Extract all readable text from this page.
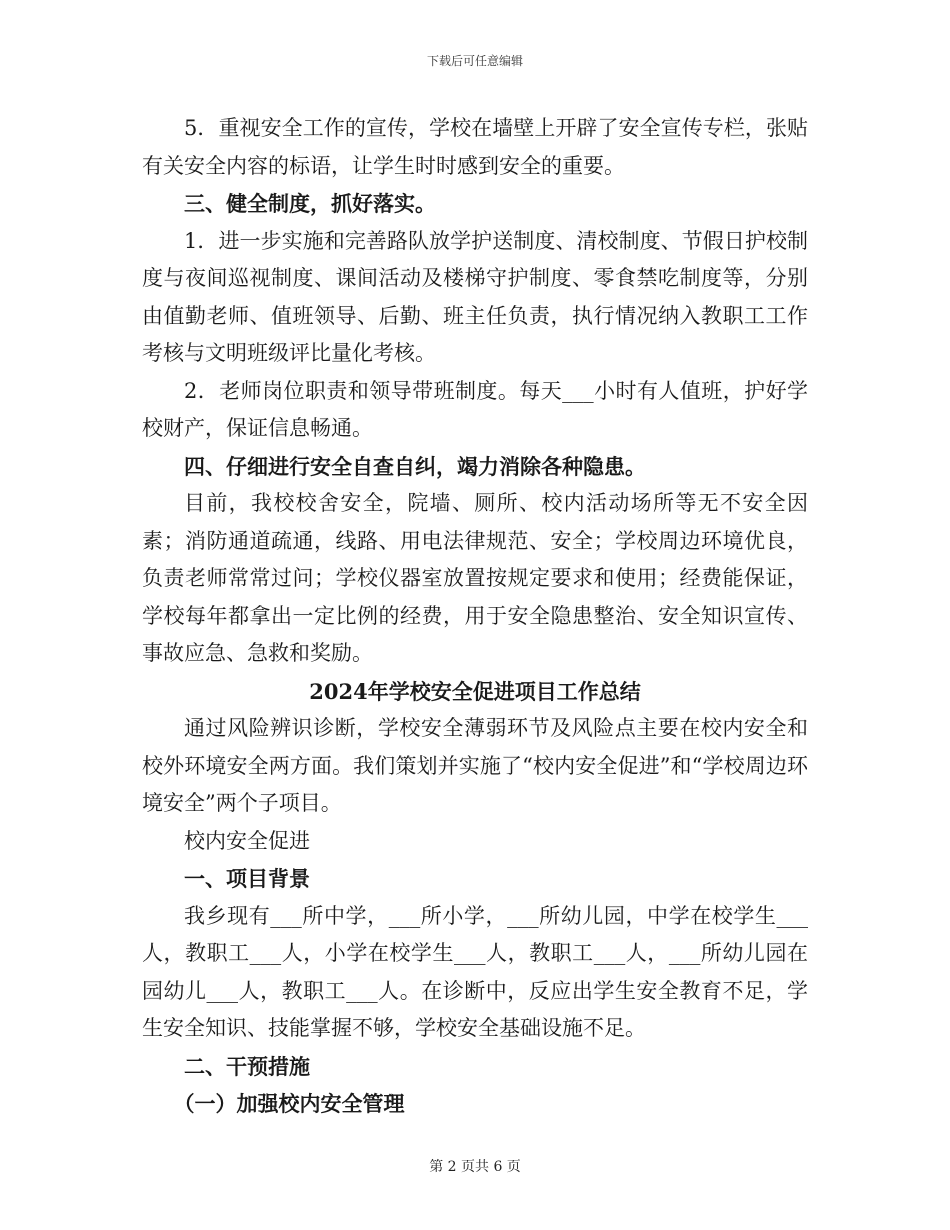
下载后可任意编辑

5．重视安全工作的宣传，学校在墙壁上开辟了安全宣传专栏，张贴有关安全内容的标语，让学生时时感到安全的重要。

三、健全制度，抓好落实。

1．进一步实施和完善路队放学护送制度、清校制度、节假日护校制度与夜间巡视制度、课间活动及楼梯守护制度、零食禁吃制度等，分别由值勤老师、值班领导、后勤、班主任负责，执行情况纳入教职工工作考核与文明班级评比量化考核。

2．老师岗位职责和领导带班制度。每天___小时有人值班，护好学校财产，保证信息畅通。

四、仔细进行安全自查自纠，竭力消除各种隐患。

目前，我校校舍安全，院墙、厕所、校内活动场所等无不安全因素；消防通道疏通，线路、用电法律规范、安全；学校周边环境优良，负责老师常常过问；学校仪器室放置按规定要求和使用；经费能保证，学校每年都拿出一定比例的经费，用于安全隐患整治、安全知识宣传、事故应急、急救和奖励。

2024年学校安全促进项目工作总结

通过风险辨识诊断，学校安全薄弱环节及风险点主要在校内安全和校外环境安全两方面。我们策划并实施了“校内安全促进”和“学校周边环境安全”两个子项目。

校内安全促进

一、项目背景

我乡现有___所中学，___所小学，___所幼儿园，中学在校学生___人，教职工___人，小学在校学生___人，教职工___人，___所幼儿园在园幼儿___人，教职工___人。在诊断中，反应出学生安全教育不足，学生安全知识、技能掌握不够，学校安全基础设施不足。

二、干预措施

（一）加强校内安全管理

第 2 页共 6 页
